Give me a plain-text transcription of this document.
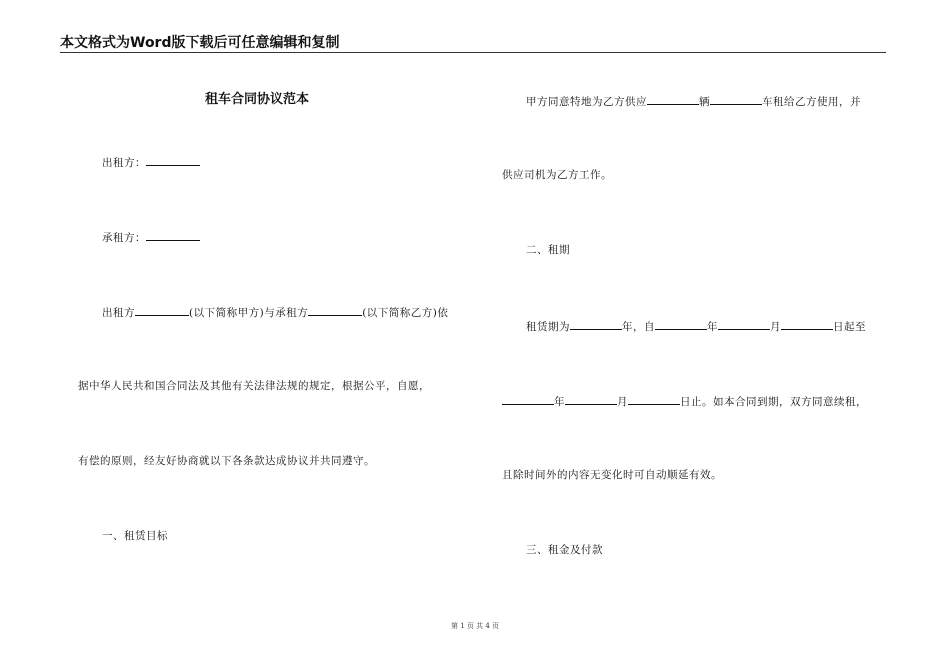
本文格式为Word版下载后可任意编辑和复制
租车合同协议范本
出租方：
承租方：
出租方	(以下简称甲方)与承租方	(以下简称乙方)依
据中华人民共和国合同法及其他有关法律法规的规定，根据公平，自愿，
有偿的原则，经友好协商就以下各条款达成协议并共同遵守。
一、租赁目标
甲方同意特地为乙方供应	辆	车租给乙方使用，并
供应司机为乙方工作。
二、租期
租赁期为	年，自	年	月	日起至
年	月	日止。如本合同到期，双方同意续租，
且除时间外的内容无变化时可自动顺延有效。
三、租金及付款
第 1 页 共 4 页
